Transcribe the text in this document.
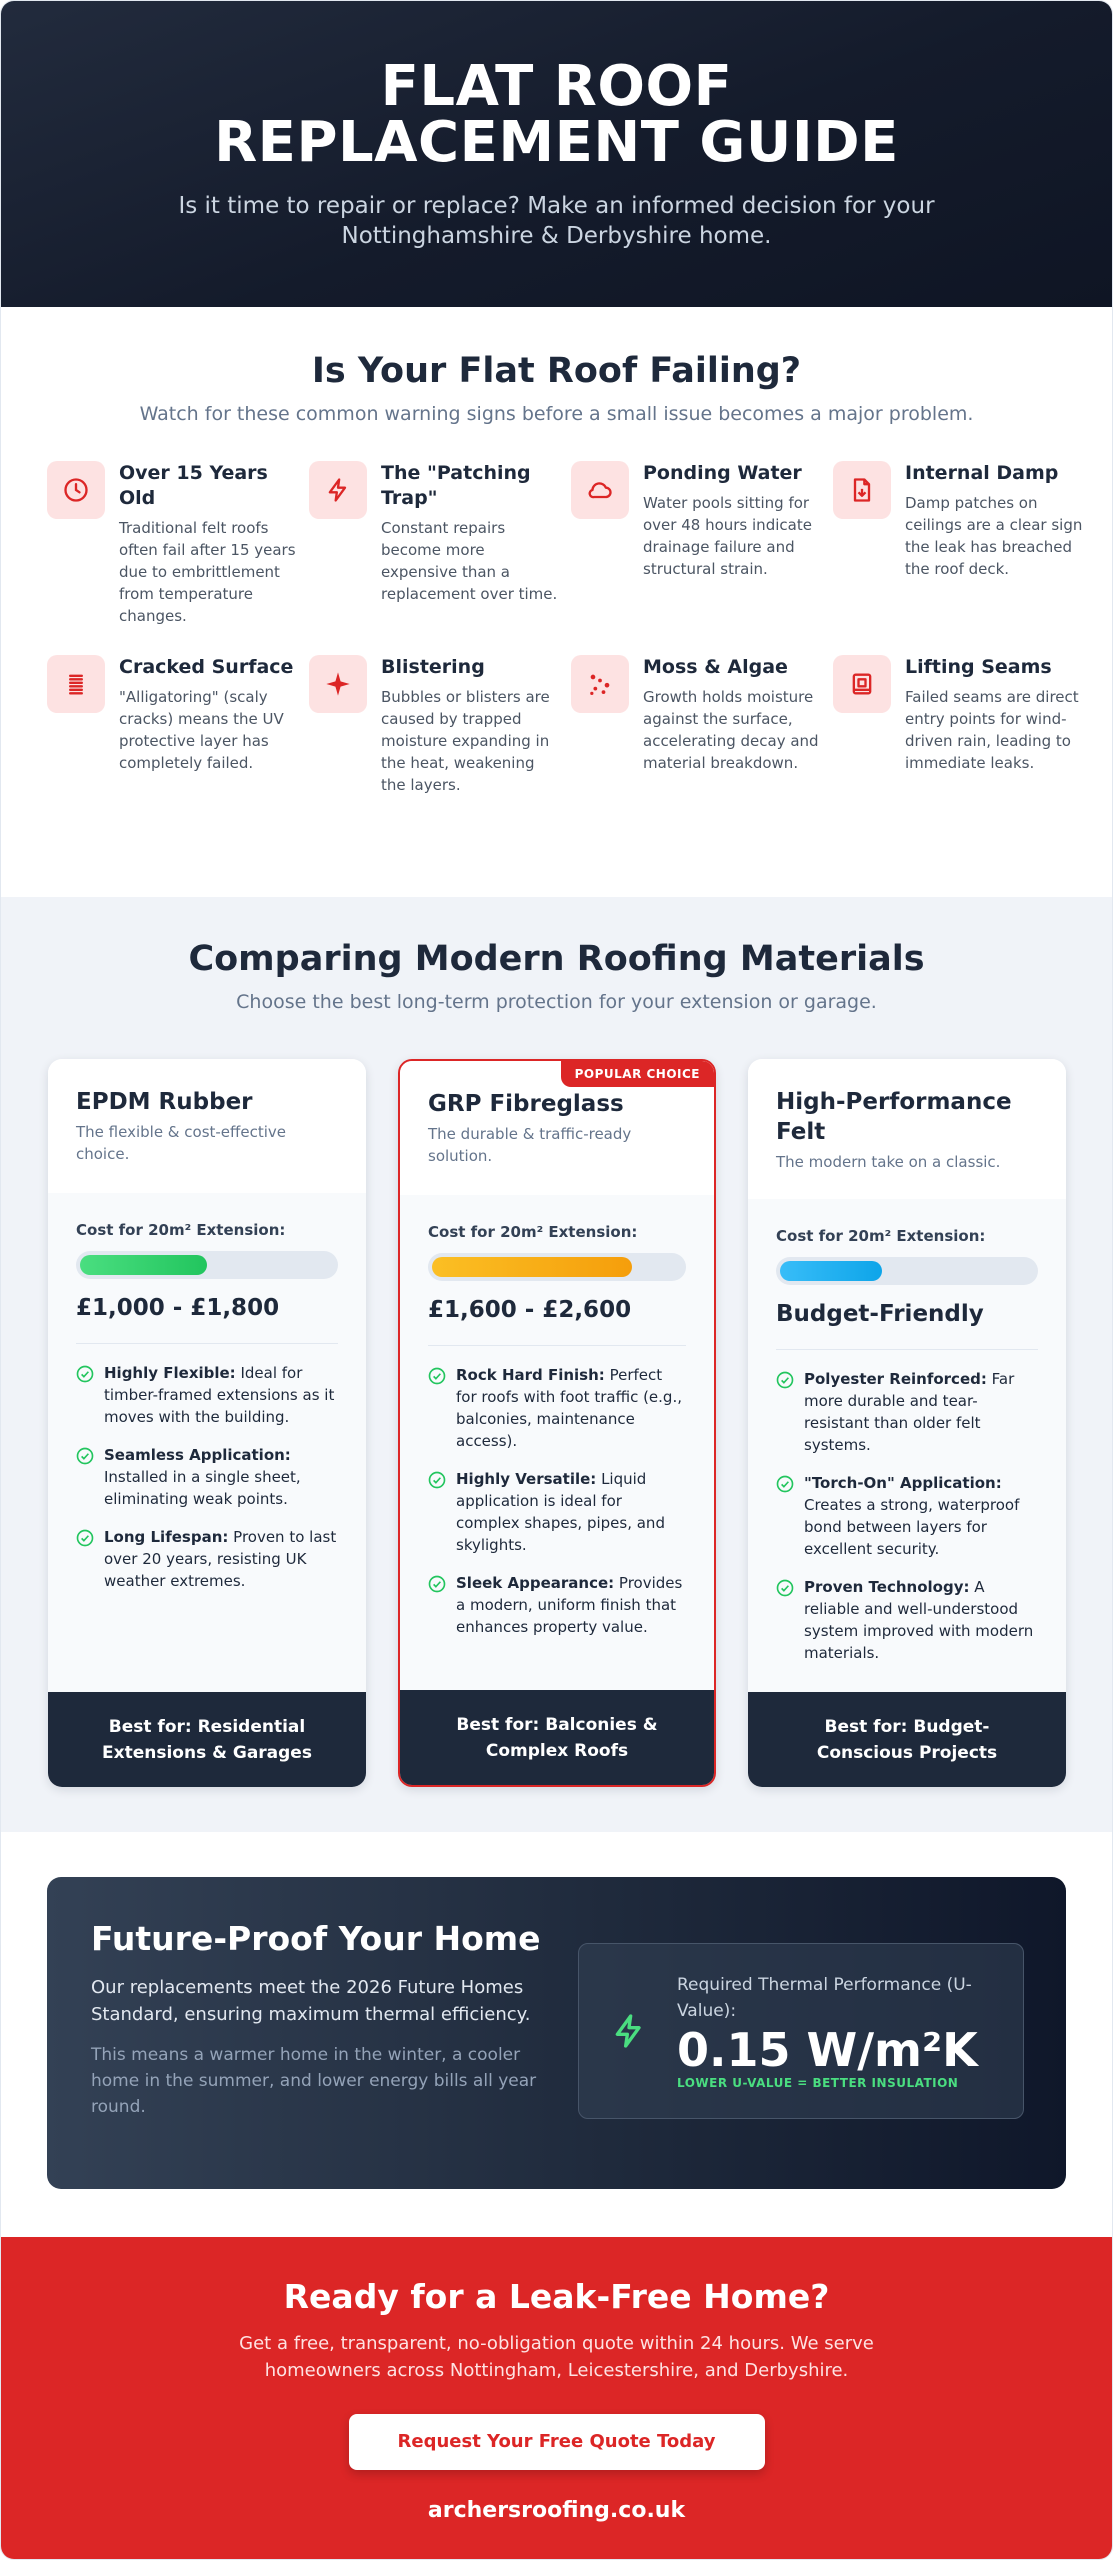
FLAT ROOF REPLACEMENT GUIDE

Is it time to repair or replace? Make an informed decision for your Nottinghamshire & Derbyshire home.

Is Your Flat Roof Failing?

Watch for these common warning signs before a small issue becomes a major problem.

Over 15 Years Old
Traditional felt roofs often fail after 15 years due to embrittlement from temperature changes.
The "Patching Trap"
Constant repairs become more expensive than a replacement over time.
Ponding Water
Water pools sitting for over 48 hours indicate drainage failure and structural strain.
Internal Damp
Damp patches on ceilings are a clear sign the leak has breached the roof deck.
Cracked Surface
"Alligatoring" (scaly cracks) means the UV protective layer has completely failed.
Blistering
Bubbles or blisters are caused by trapped moisture expanding in the heat, weakening the layers.
Moss & Algae
Growth holds moisture against the surface, accelerating decay and material breakdown.
Lifting Seams
Failed seams are direct entry points for wind-driven rain, leading to immediate leaks.
Comparing Modern Roofing Materials

Choose the best long-term protection for your extension or garage.

EPDM Rubber
The flexible & cost-effective choice.
Cost for 20m² Extension:
£1,000 - £1,800
Highly Flexible: Ideal for timber-framed extensions as it moves with the building.
Seamless Application: Installed in a single sheet, eliminating weak points.
Long Lifespan: Proven to last over 20 years, resisting UK weather extremes.
Best for: Residential Extensions & Garages
POPULAR CHOICE
GRP Fibreglass
The durable & traffic-ready solution.
Cost for 20m² Extension:
£1,600 - £2,600
Rock Hard Finish: Perfect for roofs with foot traffic (e.g., balconies, maintenance access).
Highly Versatile: Liquid application is ideal for complex shapes, pipes, and skylights.
Sleek Appearance: Provides a modern, uniform finish that enhances property value.
Best for: Balconies & Complex Roofs
High-Performance Felt
The modern take on a classic.
Cost for 20m² Extension:
Budget-Friendly
Polyester Reinforced: Far more durable and tear-resistant than older felt systems.
"Torch-On" Application: Creates a strong, waterproof bond between layers for excellent security.
Proven Technology: A reliable and well-understood system improved with modern materials.
Best for: Budget-Conscious Projects
Future-Proof Your Home

Our replacements meet the 2026 Future Homes Standard, ensuring maximum thermal efficiency.

This means a warmer home in the winter, a cooler home in the summer, and lower energy bills all year round.

Required Thermal Performance (U-Value):
0.15 W/m²K
LOWER U-VALUE = BETTER INSULATION
Ready for a Leak-Free Home?

Get a free, transparent, no-obligation quote within 24 hours. We serve homeowners across Nottingham, Leicestershire, and Derbyshire.

Request Your Free Quote Today
archersroofing.co.uk
